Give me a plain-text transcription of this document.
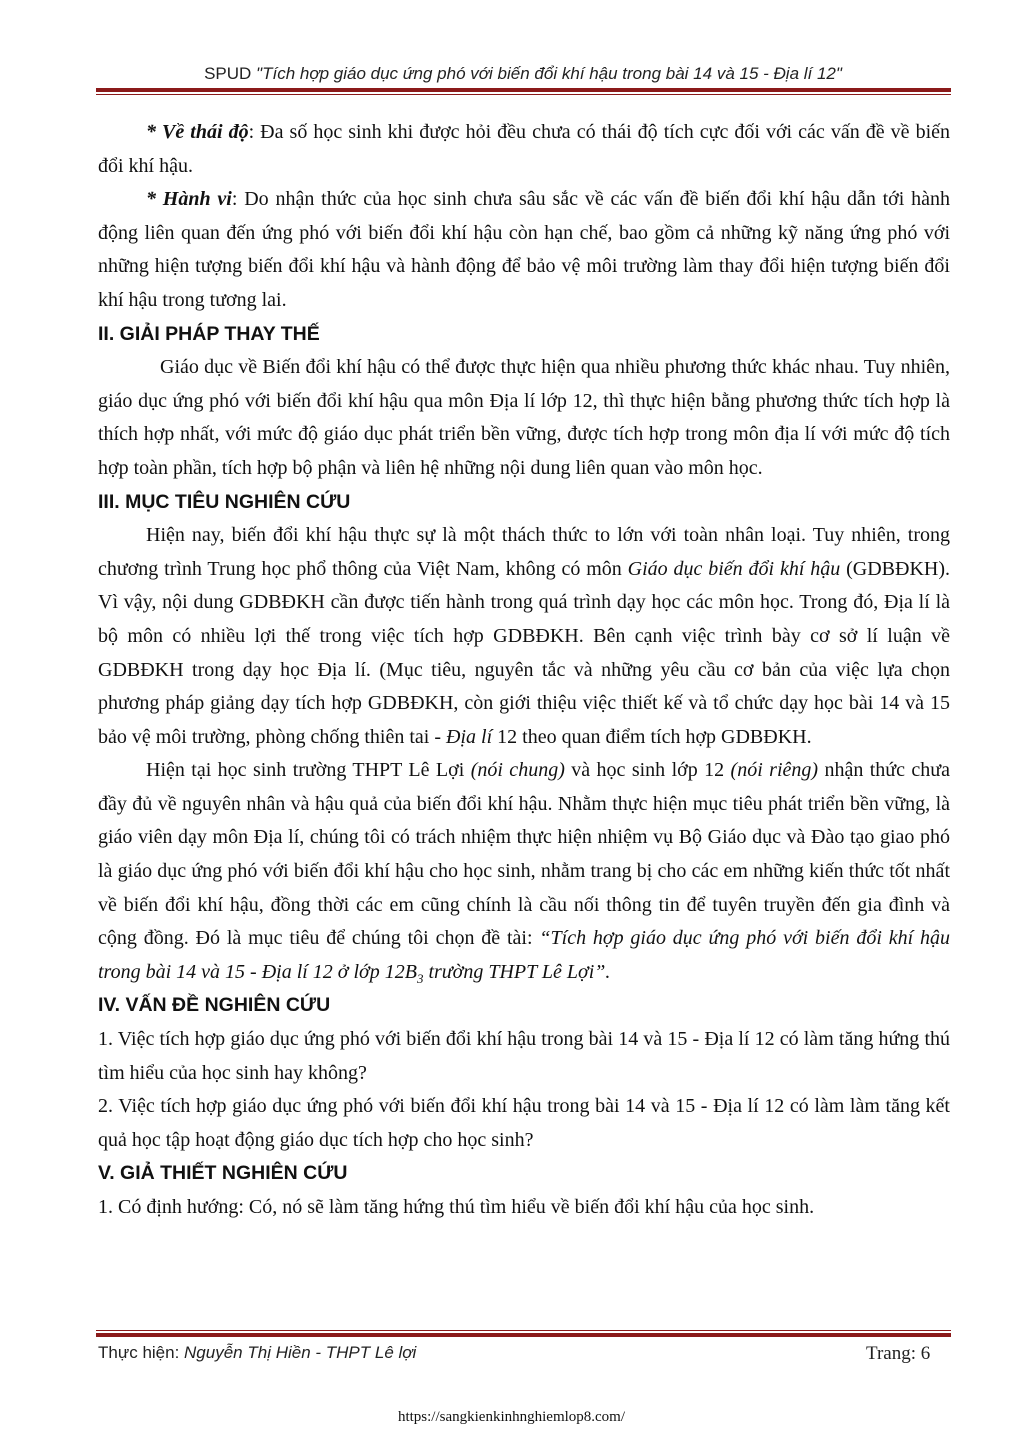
SPUD "Tích hợp giáo dục ứng phó với biến đổi khí hậu trong bài 14 và 15 - Địa lí 12"

* Về thái độ: Đa số học sinh khi được hỏi đều chưa có thái độ tích cực đối với các vấn đề về biến đổi khí hậu.

* Hành vi: Do nhận thức của học sinh chưa sâu sắc về các vấn đề biến đổi khí hậu dẫn tới hành động liên quan đến ứng phó với biến đổi khí hậu còn hạn chế, bao gồm cả những kỹ năng ứng phó với những hiện tượng biến đổi khí hậu và hành động để bảo vệ môi trường làm thay đổi hiện tượng biến đổi khí hậu trong tương lai.

II. GIẢI PHÁP THAY THẾ

Giáo dục về Biến đổi khí hậu có thể được thực hiện qua nhiều phương thức khác nhau. Tuy nhiên, giáo dục ứng phó với biến đổi khí hậu qua môn Địa lí lớp 12, thì thực hiện bằng phương thức tích hợp là thích hợp nhất, với mức độ giáo dục phát triển bền vững, được tích hợp trong môn địa lí với mức độ tích hợp toàn phần, tích hợp bộ phận và liên hệ những nội dung liên quan vào môn học.

III. MỤC TIÊU NGHIÊN CỨU

Hiện nay, biến đổi khí hậu thực sự là một thách thức to lớn với toàn nhân loại. Tuy nhiên, trong chương trình Trung học phổ thông của Việt Nam, không có môn Giáo dục biến đổi khí hậu (GDBĐKH). Vì vậy, nội dung GDBĐKH cần được tiến hành trong quá trình dạy học các môn học. Trong đó, Địa lí là bộ môn có nhiều lợi thế trong việc tích hợp GDBĐKH. Bên cạnh việc trình bày cơ sở lí luận về GDBĐKH trong dạy học Địa lí. (Mục tiêu, nguyên tắc và những yêu cầu cơ bản của việc lựa chọn phương pháp giảng dạy tích hợp GDBĐKH, còn giới thiệu việc thiết kế và tổ chức dạy học bài 14 và 15 bảo vệ môi trường, phòng chống thiên tai - Địa lí 12 theo quan điểm tích hợp GDBĐKH.

Hiện tại học sinh trường THPT Lê Lợi (nói chung) và học sinh lớp 12 (nói riêng) nhận thức chưa đầy đủ về nguyên nhân và hậu quả của biến đổi khí hậu. Nhằm thực hiện mục tiêu phát triển bền vững, là giáo viên dạy môn Địa lí, chúng tôi có trách nhiệm thực hiện nhiệm vụ Bộ Giáo dục và Đào tạo giao phó là giáo dục ứng phó với biến đổi khí hậu cho học sinh, nhằm trang bị cho các em những kiến thức tốt nhất về biến đổi khí hậu, đồng thời các em cũng chính là cầu nối thông tin để tuyên truyền đến gia đình và cộng đồng. Đó là mục tiêu để chúng tôi chọn đề tài: “Tích hợp giáo dục ứng phó với biến đổi khí hậu trong bài 14 và 15 - Địa lí 12 ở lớp $12B_3$ trường THPT Lê Lợi”.

IV. VẤN ĐỀ NGHIÊN CỨU

1. Việc tích hợp giáo dục ứng phó với biến đổi khí hậu trong bài 14 và 15 - Địa lí 12 có làm tăng hứng thú tìm hiểu của học sinh hay không?

2. Việc tích hợp giáo dục ứng phó với biến đổi khí hậu trong bài 14 và 15 - Địa lí 12 có làm làm tăng kết quả học tập hoạt động giáo dục tích hợp cho học sinh?

V. GIẢ THIẾT NGHIÊN CỨU

1. Có định hướng: Có, nó sẽ làm tăng hứng thú tìm hiểu về biến đổi khí hậu của học sinh.

Thực hiện: Nguyễn Thị Hiền - THPT Lê lợi	Trang: 6
https://sangkienkinhnghiemlop8.com/
